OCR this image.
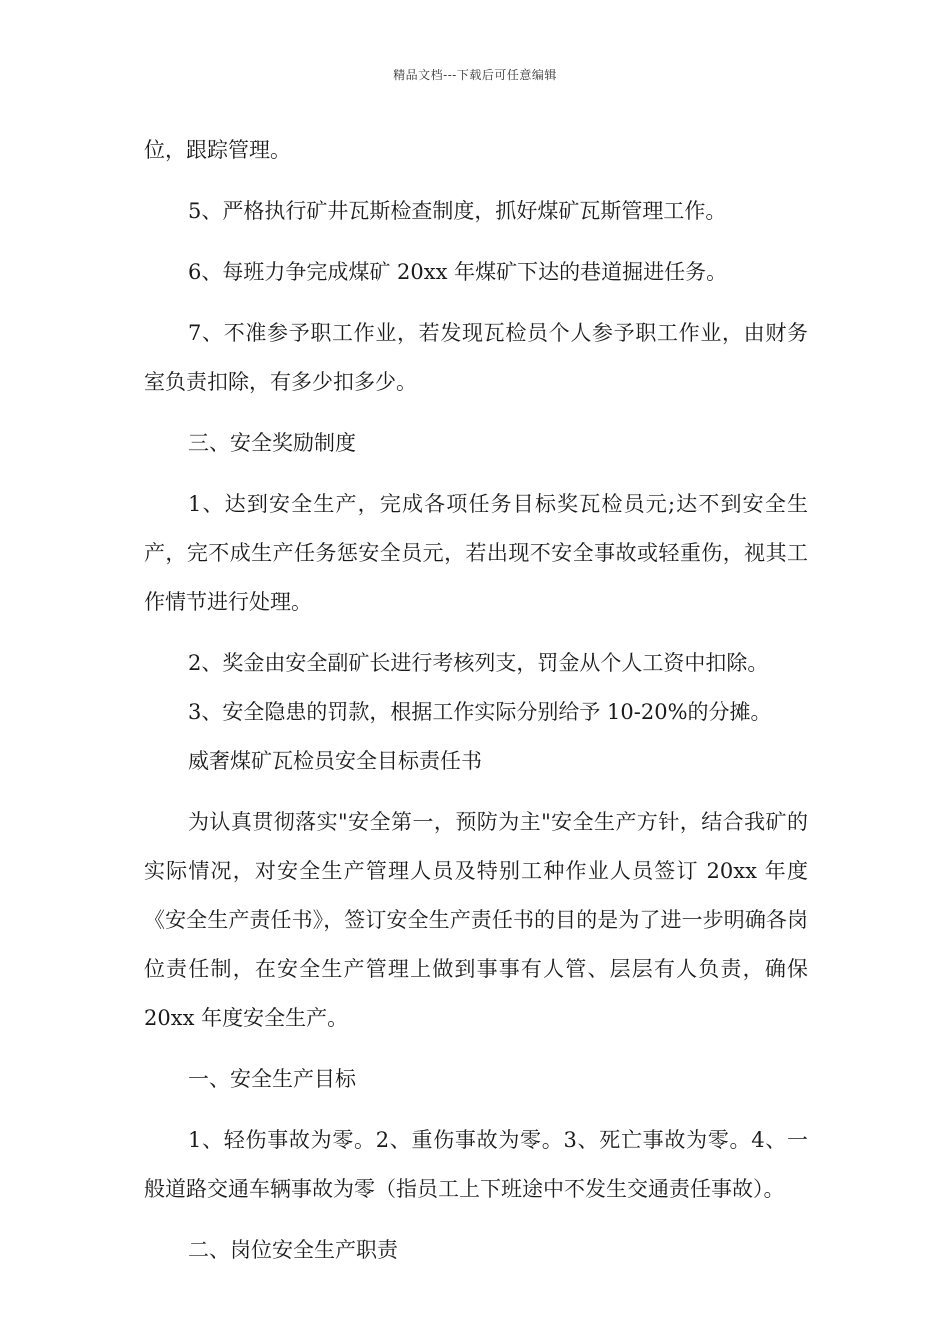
精品文档---下载后可任意编辑

位，跟踪管理。

5、严格执行矿井瓦斯检查制度，抓好煤矿瓦斯管理工作。

6、每班力争完成煤矿 20xx 年煤矿下达的巷道掘进任务。

7、不准参予职工作业，若发现瓦检员个人参予职工作业，由财务室负责扣除，有多少扣多少。

三、安全奖励制度

1、达到安全生产，完成各项任务目标奖瓦检员元;达不到安全生产，完不成生产任务惩安全员元，若出现不安全事故或轻重伤，视其工作情节进行处理。

2、奖金由安全副矿长进行考核列支，罚金从个人工资中扣除。

3、安全隐患的罚款，根据工作实际分别给予 10-20%的分摊。

威奢煤矿瓦检员安全目标责任书

为认真贯彻落实"安全第一，预防为主"安全生产方针，结合我矿的实际情况，对安全生产管理人员及特别工种作业人员签订 20xx 年度《安全生产责任书》，签订安全生产责任书的目的是为了进一步明确各岗位责任制，在安全生产管理上做到事事有人管、层层有人负责，确保 20xx 年度安全生产。

一、安全生产目标

1、轻伤事故为零。2、重伤事故为零。3、死亡事故为零。4、一般道路交通车辆事故为零（指员工上下班途中不发生交通责任事故）。

二、岗位安全生产职责
